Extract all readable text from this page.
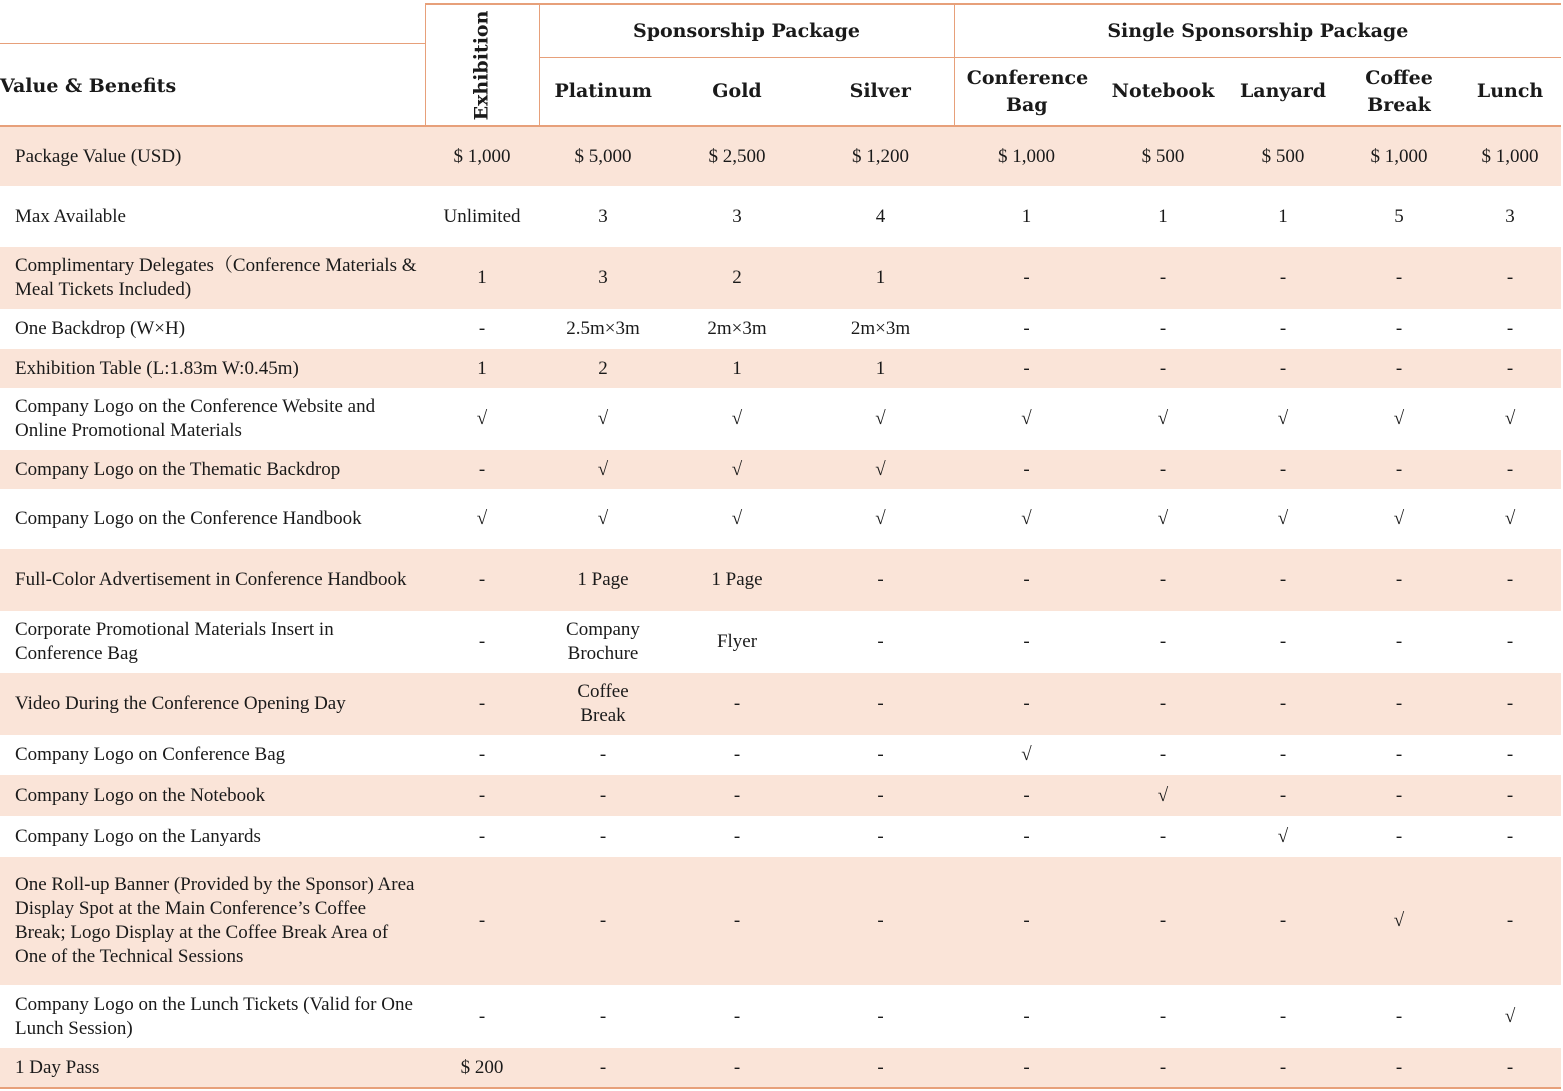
Value & Benefits	Exhibition	Sponsorship Package			Single Sponsorship Package				
		Platinum	Gold	Silver	Conference Bag	Notebook	Lanyard	Coffee Break	Lunch
Package Value (USD)	$ 1,000	$ 5,000	$ 2,500	$ 1,200	$ 1,000	$ 500	$ 500	$ 1,000	$ 1,000
Max Available	Unlimited	3	3	4	1	1	1	5	3
Complimentary Delegates（Conference Materials & Meal Tickets Included)	1	3	2	1	-	-	-	-	-
One Backdrop (W×H)	-	2.5m×3m	2m×3m	2m×3m	-	-	-	-	-
Exhibition Table (L:1.83m W:0.45m)	1	2	1	1	-	-	-	-	-
Company Logo on the Conference Website and Online Promotional Materials	√	√	√	√	√	√	√	√	√
Company Logo on the Thematic Backdrop	-	√	√	√	-	-	-	-	-
Company Logo on the Conference Handbook	√	√	√	√	√	√	√	√	√
Full-Color Advertisement in Conference Handbook	-	1 Page	1 Page	-	-	-	-	-	-
Corporate Promotional Materials Insert in Conference Bag	-	Company Brochure	Flyer	-	-	-	-	-	-
Video During the Conference Opening Day	-	Coffee Break	-	-	-	-	-	-	-
Company Logo on Conference Bag	-	-	-	-	√	-	-	-	-
Company Logo on the Notebook	-	-	-	-	-	√	-	-	-
Company Logo on the Lanyards	-	-	-	-	-	-	√	-	-
One Roll-up Banner (Provided by the Sponsor) Area Display Spot at the Main Conference’s Coffee Break; Logo Display at the Coffee Break Area of One of the Technical Sessions	-	-	-	-	-	-	-	√	-
Company Logo on the Lunch Tickets (Valid for One Lunch Session)	-	-	-	-	-	-	-	-	√
1 Day Pass	$ 200	-	-	-	-	-	-	-	-
